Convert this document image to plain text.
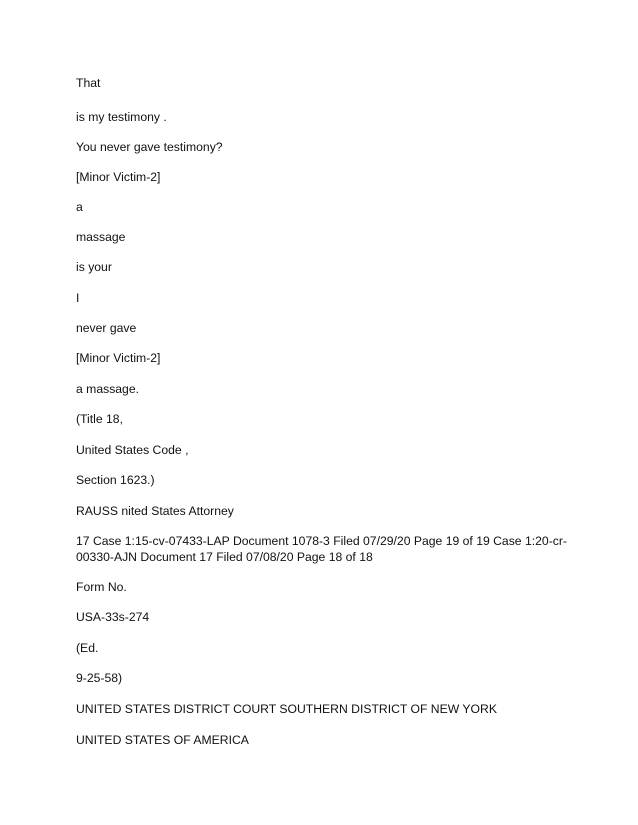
That
is my testimony .
You never gave testimony?
[Minor Victim-2]
a
massage
is your
I
never gave
[Minor Victim-2]
a massage.
(Title 18,
United States Code ,
Section 1623.)
RAUSS nited States Attorney
17 Case 1:15-cv-07433-LAP Document 1078-3 Filed 07/29/20 Page 19 of 19 Case 1:20-cr-00330-AJN Document 17 Filed 07/08/20 Page 18 of 18
Form No.
USA-33s-274
(Ed.
9-25-58)
UNITED STATES DISTRICT COURT SOUTHERN DISTRICT OF NEW YORK
UNITED STATES OF AMERICA
